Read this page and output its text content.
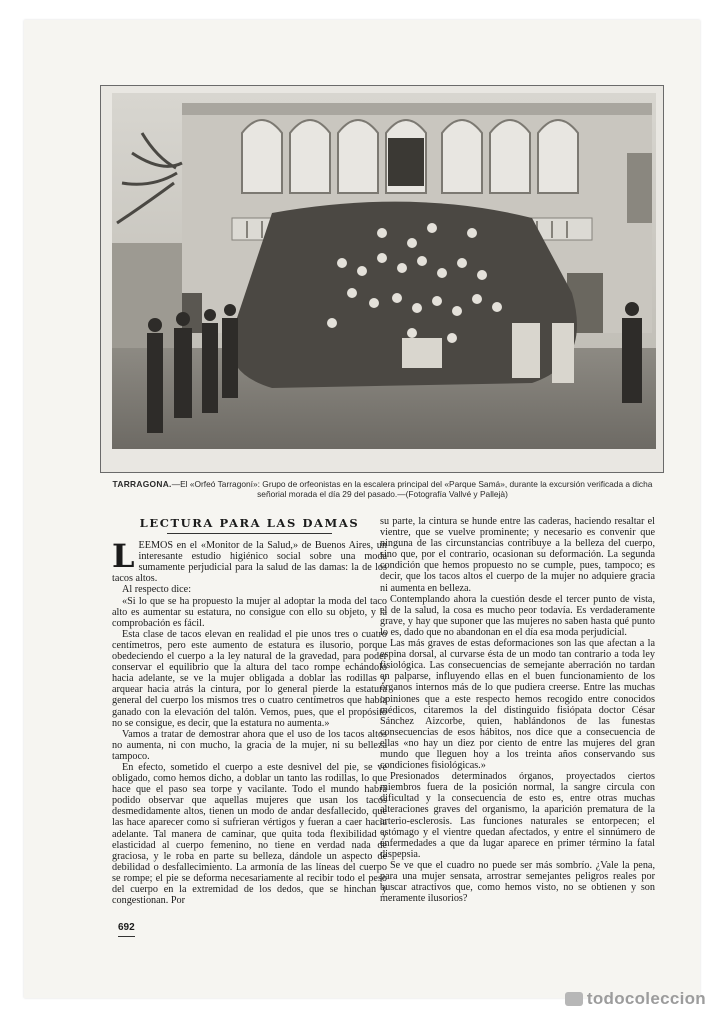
TARRAGONA.—El «Orfeó Tarragoní»: Grupo de orfeonistas en la escalera principal del «Parque Samá», durante la excursión verificada a dicha señorial morada el día 29 del pasado.—(Fotografía Vallvé y Pallejà)
LECTURA PARA LAS DAMAS

LEEMOS en el «Monitor de la Salud,» de Buenos Aires, un interesante estudio higiénico social sobre una moda sumamente perjudicial para la salud de las damas: la de los tacos altos.

Al respecto dice:

«Si lo que se ha propuesto la mujer al adoptar la moda del taco alto es aumentar su estatura, no consigue con ello su objeto, y la comprobación es fácil.

Esta clase de tacos elevan en realidad el pie unos tres o cuatro centímetros, pero este aumento de estatura es ilusorio, porque obedeciendo el cuerpo a la ley natural de la gravedad, para poder conservar el equilibrio que la altura del taco rompe echándolo hacia adelante, se ve la mujer obligada a doblar las rodillas y arquear hacia atrás la cintura, por lo general pierde la estatura general del cuerpo los mismos tres o cuatro centímetros que había ganado con la elevación del talón. Vemos, pues, que el propósito no se consigue, es decir, que la estatura no aumenta.»

Vamos a tratar de demostrar ahora que el uso de los tacos altos no aumenta, ni con mucho, la gracia de la mujer, ni su belleza tampoco.

En efecto, sometido el cuerpo a este desnivel del pie, se ve obligado, como hemos dicho, a doblar un tanto las rodillas, lo que hace que el paso sea torpe y vacilante. Todo el mundo habrá podido observar que aquellas mujeres que usan los tacos desmedidamente altos, tienen un modo de andar desfallecido, que las hace aparecer como si sufrieran vértigos y fueran a caer hacia adelante. Tal manera de caminar, que quita toda flexibilidad y elasticidad al cuerpo femenino, no tiene en verdad nada de graciosa, y le roba en parte su belleza, dándole un aspecto de debilidad o desfallecimiento. La armonía de las líneas del cuerpo se rompe; el pie se deforma necesariamente al recibir todo el peso del cuerpo en la extremidad de los dedos, que se hinchan y congestionan. Por

su parte, la cintura se hunde entre las caderas, haciendo resaltar el vientre, que se vuelve prominente; y necesario es convenir que ninguna de las circunstancias contribuye a la belleza del cuerpo, sino que, por el contrario, ocasionan su deformación. La segunda condición que hemos propuesto no se cumple, pues, tampoco; es decir, que los tacos altos el cuerpo de la mujer no adquiere gracia ni aumenta en belleza.

Contemplando ahora la cuestión desde el tercer punto de vista, el de la salud, la cosa es mucho peor todavía. Es verdaderamente grave, y hay que suponer que las mujeres no saben hasta qué punto lo es, dado que no abandonan en el día esa moda perjudicial.

Las más graves de estas deformaciones son las que afectan a la espina dorsal, al curvarse ésta de un modo tan contrario a toda ley fisiológica. Las consecuencias de semejante aberración no tardan en palparse, influyendo ellas en el buen funcionamiento de los órganos internos más de lo que pudiera creerse. Entre las muchas opiniones que a este respecto hemos recogido entre conocidos médicos, citaremos la del distinguido fisiópata doctor César Sánchez Aizcorbe, quien, hablándonos de las funestas consecuencias de esos hábitos, nos dice que a consecuencia de ellas «no hay un diez por ciento de entre las mujeres del gran mundo que lleguen hoy a los treinta años conservando sus condiciones fisiológicas.»

Presionados determinados órganos, proyectados ciertos miembros fuera de la posición normal, la sangre circula con dificultad y la consecuencia de esto es, entre otras muchas alteraciones graves del organismo, la aparición prematura de la arterio-esclerosis. Las funciones naturales se entorpecen; el estómago y el vientre quedan afectados, y entre el sinnúmero de enfermedades a que da lugar aparece en primer término la fatal dispepsia.

Se ve que el cuadro no puede ser más sombrío. ¿Vale la pena, para una mujer sensata, arrostrar semejantes peligros reales por buscar atractivos que, como hemos visto, no se obtienen y son meramente ilusorios?

692
todocoleccion
